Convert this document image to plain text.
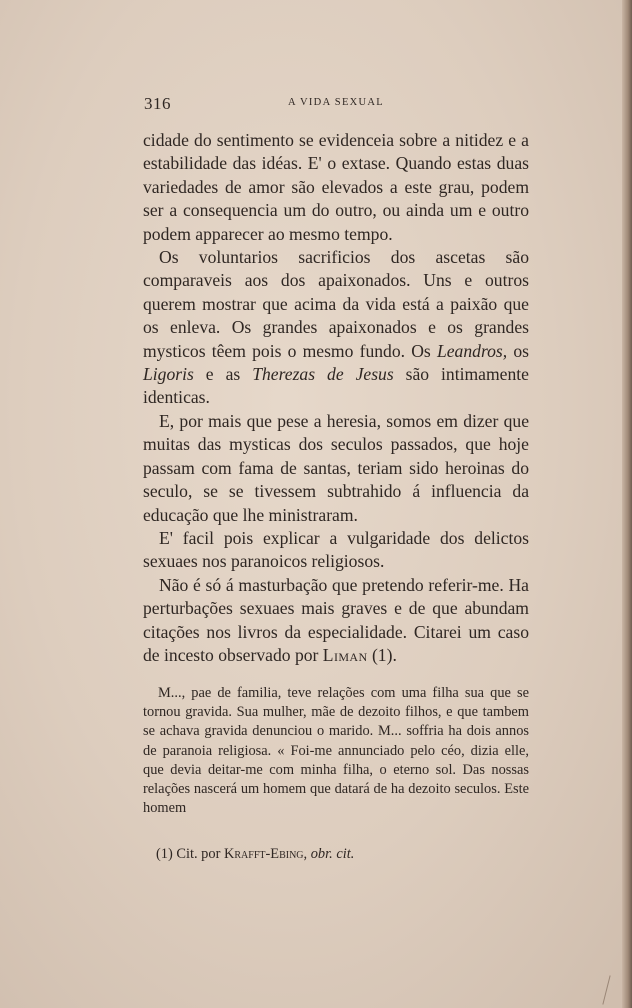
316	A VIDA SEXUAL

cidade do sentimento se evidenceia sobre a nitidez e a estabilidade das idéas. E' o extase. Quando estas duas variedades de amor são elevados a este grau, podem ser a consequencia um do outro, ou ainda um e outro podem apparecer ao mesmo tempo.

Os voluntarios sacrificios dos ascetas são comparaveis aos dos apaixonados. Uns e outros querem mostrar que acima da vida está a paixão que os enleva. Os grandes apaixonados e os grandes mysticos têem pois o mesmo fundo. Os Leandros, os Ligoris e as Therezas de Jesus são intimamente identicas.

E, por mais que pese a heresia, somos em dizer que muitas das mysticas dos seculos passados, que hoje passam com fama de santas, teriam sido heroinas do seculo, se se tivessem subtrahido á influencia da educação que lhe ministraram.

E' facil pois explicar a vulgaridade dos delictos sexuaes nos paranoicos religiosos.

Não é só á masturbação que pretendo referir-me. Ha perturbações sexuaes mais graves e de que abundam citações nos livros da especialidade. Citarei um caso de incesto observado por Liman (1).

M..., pae de familia, teve relações com uma filha sua que se tornou gravida. Sua mulher, mãe de dezoito filhos, e que tambem se achava gravida denunciou o marido. M... soffria ha dois annos de paranoia religiosa. « Foi-me annunciado pelo céo, dizia elle, que devia deitar-me com minha filha, o eterno sol. Das nossas relações nascerá um homem que datará de ha dezoito seculos. Este homem

(1) Cit. por Krafft-Ebing, obr. cit.
